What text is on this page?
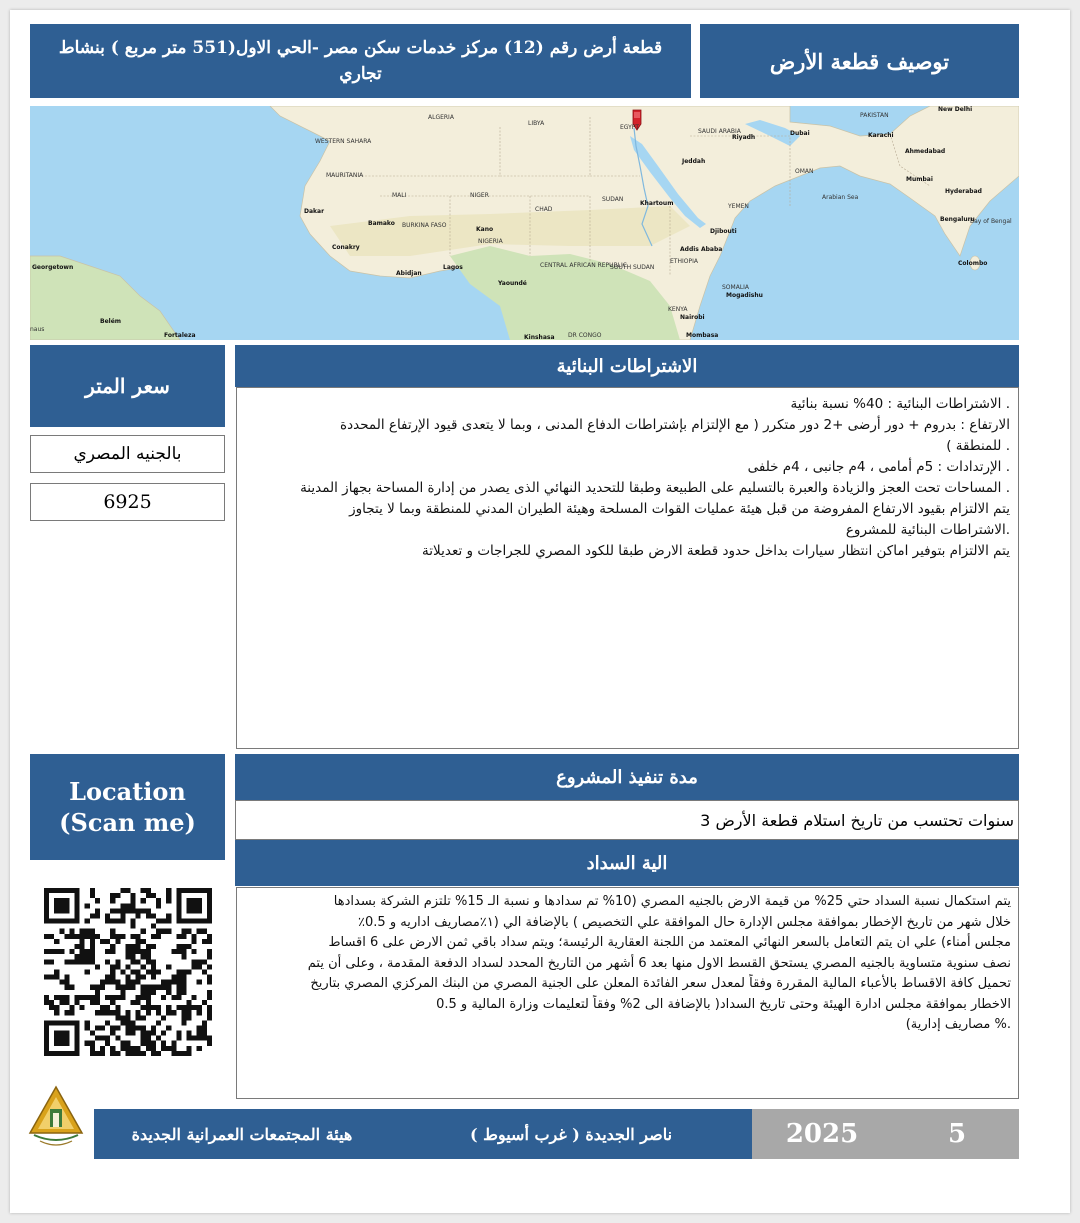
قطعة أرض رقم (12) مركز خدمات سكن مصر -الحي الاول(551 متر مربع ) بنشاط
تجاري
توصيف قطعة الأرض
ALGERIA
LIBYA
EGYPT
SAUDI ARABIA
Riyadh
Dubai	Karachi
PAKISTAN
New Delhi
Ahmedabad
Mumbai
Hyderabad
Bengaluru
Colombo
Jeddah
OMAN
YEMEN
Arabian Sea
Bay of Bengal
WESTERN SAHARA
MAURITANIA
MALI	NIGER
CHAD
SUDAN
Khartoum
Dakar
Bamako BURKINA FASO
Kano
NIGERIA
Conakry
Abidjan
Lagos
Yaoundé
CENTRAL AFRICAN REPUBLIC
SOUTH SUDAN
ETHIOPIA
Addis Ababa
Djibouti
SOMALIA
Mogadishu
KENYA
Nairobi
Mombasa
DR CONGO
Kinshasa
Georgetown
Belém
Fortaleza
naus
سعر المتر
بالجنيه المصري
6925
الاشتراطات البنائية
. الاشتراطات البنائية : 40% نسبة بنائية
الارتفاع : بدروم + دور أرضى +2 دور متكرر ( مع الإلتزام بإشتراطات الدفاع المدنى ، وبما لا يتعدى قيود الإرتفاع المحددة
. للمنطقة )
. الإرتدادات : 5م أمامى ، 4م جانبى ، 4م خلفى
. المساحات تحت العجز والزيادة والعبرة بالتسليم على الطبيعة وطبقا للتحديد النهائي الذى يصدر من إدارة المساحة بجهاز المدينة
يتم الالتزام بقيود الارتفاع المفروضة من قبل هيئة عمليات القوات المسلحة وهيئة الطيران المدني للمنطقة وبما لا يتجاوز
.الاشتراطات البنائية للمشروع
يتم الالتزام بتوفير اماكن انتظار سيارات بداخل حدود قطعة الارض طبقا للكود المصري للجراجات و تعديلاتة
Location
(Scan me)
مدة تنفيذ المشروع
سنوات تحتسب من تاريخ استلام قطعة الأرض 3
الية السداد
يتم استكمال نسبة السداد حتي 25% من قيمة الارض بالجنيه المصري (10% تم سدادها و نسبة الـ 15% تلتزم الشركة بسدادها
خلال شهر من تاريخ الإخطار بموافقة مجلس الإدارة حال الموافقة علي التخصيص ) بالإضافة الي (١٪مصاريف اداريه و 0.5٪
مجلس أمناء) علي ان يتم التعامل بالسعر النهائي المعتمد من اللجنة العقارية الرئيسة؛ ويتم سداد باقي ثمن الارض على 6 اقساط
نصف سنوية متساوية بالجنيه المصري يستحق القسط الاول منها بعد 6 أشهر من التاريخ المحدد لسداد الدفعة المقدمة ، وعلى أن يتم
تحميل كافة الاقساط بالأعباء المالية المقررة وفقاً لمعدل سعر الفائدة المعلن على الجنية المصري من البنك المركزي المصري بتاريخ
الاخطار بموافقة مجلس ادارة الهيئة وحتى تاريخ السداد( بالإضافة الى 2% وفقاً لتعليمات وزارة المالية و 0.5
.% مصاريف إدارية)
هيئة المجتمعات العمرانية الجديدة	ناصر الجديدة ( غرب أسيوط )	2025	5
